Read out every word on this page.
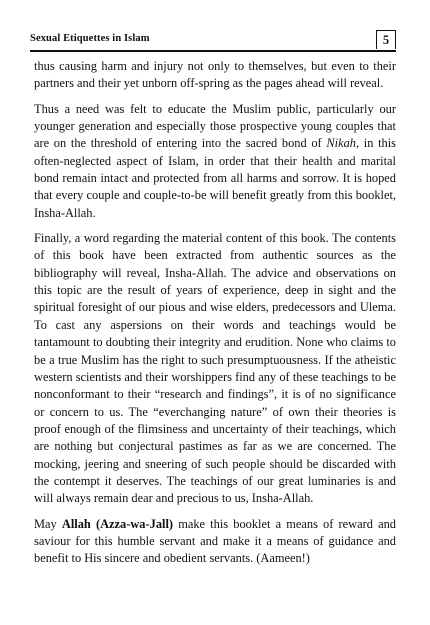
Sexual Etiquettes in Islam	5

thus causing harm and injury not only to themselves, but even to their partners and their yet unborn off-spring as the pages ahead will reveal.

Thus a need was felt to educate the Muslim public, particularly our younger generation and especially those prospective young couples that are on the threshold of entering into the sacred bond of Nikah, in this often-neglected aspect of Islam, in order that their health and marital bond remain intact and protected from all harms and sorrow. It is hoped that every couple and couple-to-be will benefit greatly from this booklet, Insha-Allah.

Finally, a word regarding the material content of this book. The contents of this book have been extracted from authentic sources as the bibliography will reveal, Insha-Allah. The advice and observations on this topic are the result of years of experience, deep in sight and the spiritual foresight of our pious and wise elders, predecessors and Ulema. To cast any aspersions on their words and teachings would be tantamount to doubting their integrity and erudition. None who claims to be a true Muslim has the right to such presumptuousness. If the atheistic western scientists and their worshippers find any of these teachings to be nonconformant to their “research and findings”, it is of no significance or concern to us. The “everchanging nature” of own their theories is proof enough of the flimsiness and uncertainty of their teachings, which are nothing but conjectural pastimes as far as we are concerned. The mocking, jeering and sneering of such people should be discarded with the contempt it deserves. The teachings of our great luminaries is and will always remain dear and precious to us, Insha-Allah.

May Allah (Azza-wa-Jall) make this booklet a means of reward and saviour for this humble servant and make it a means of guidance and benefit to His sincere and obedient servants. (Aameen!)
